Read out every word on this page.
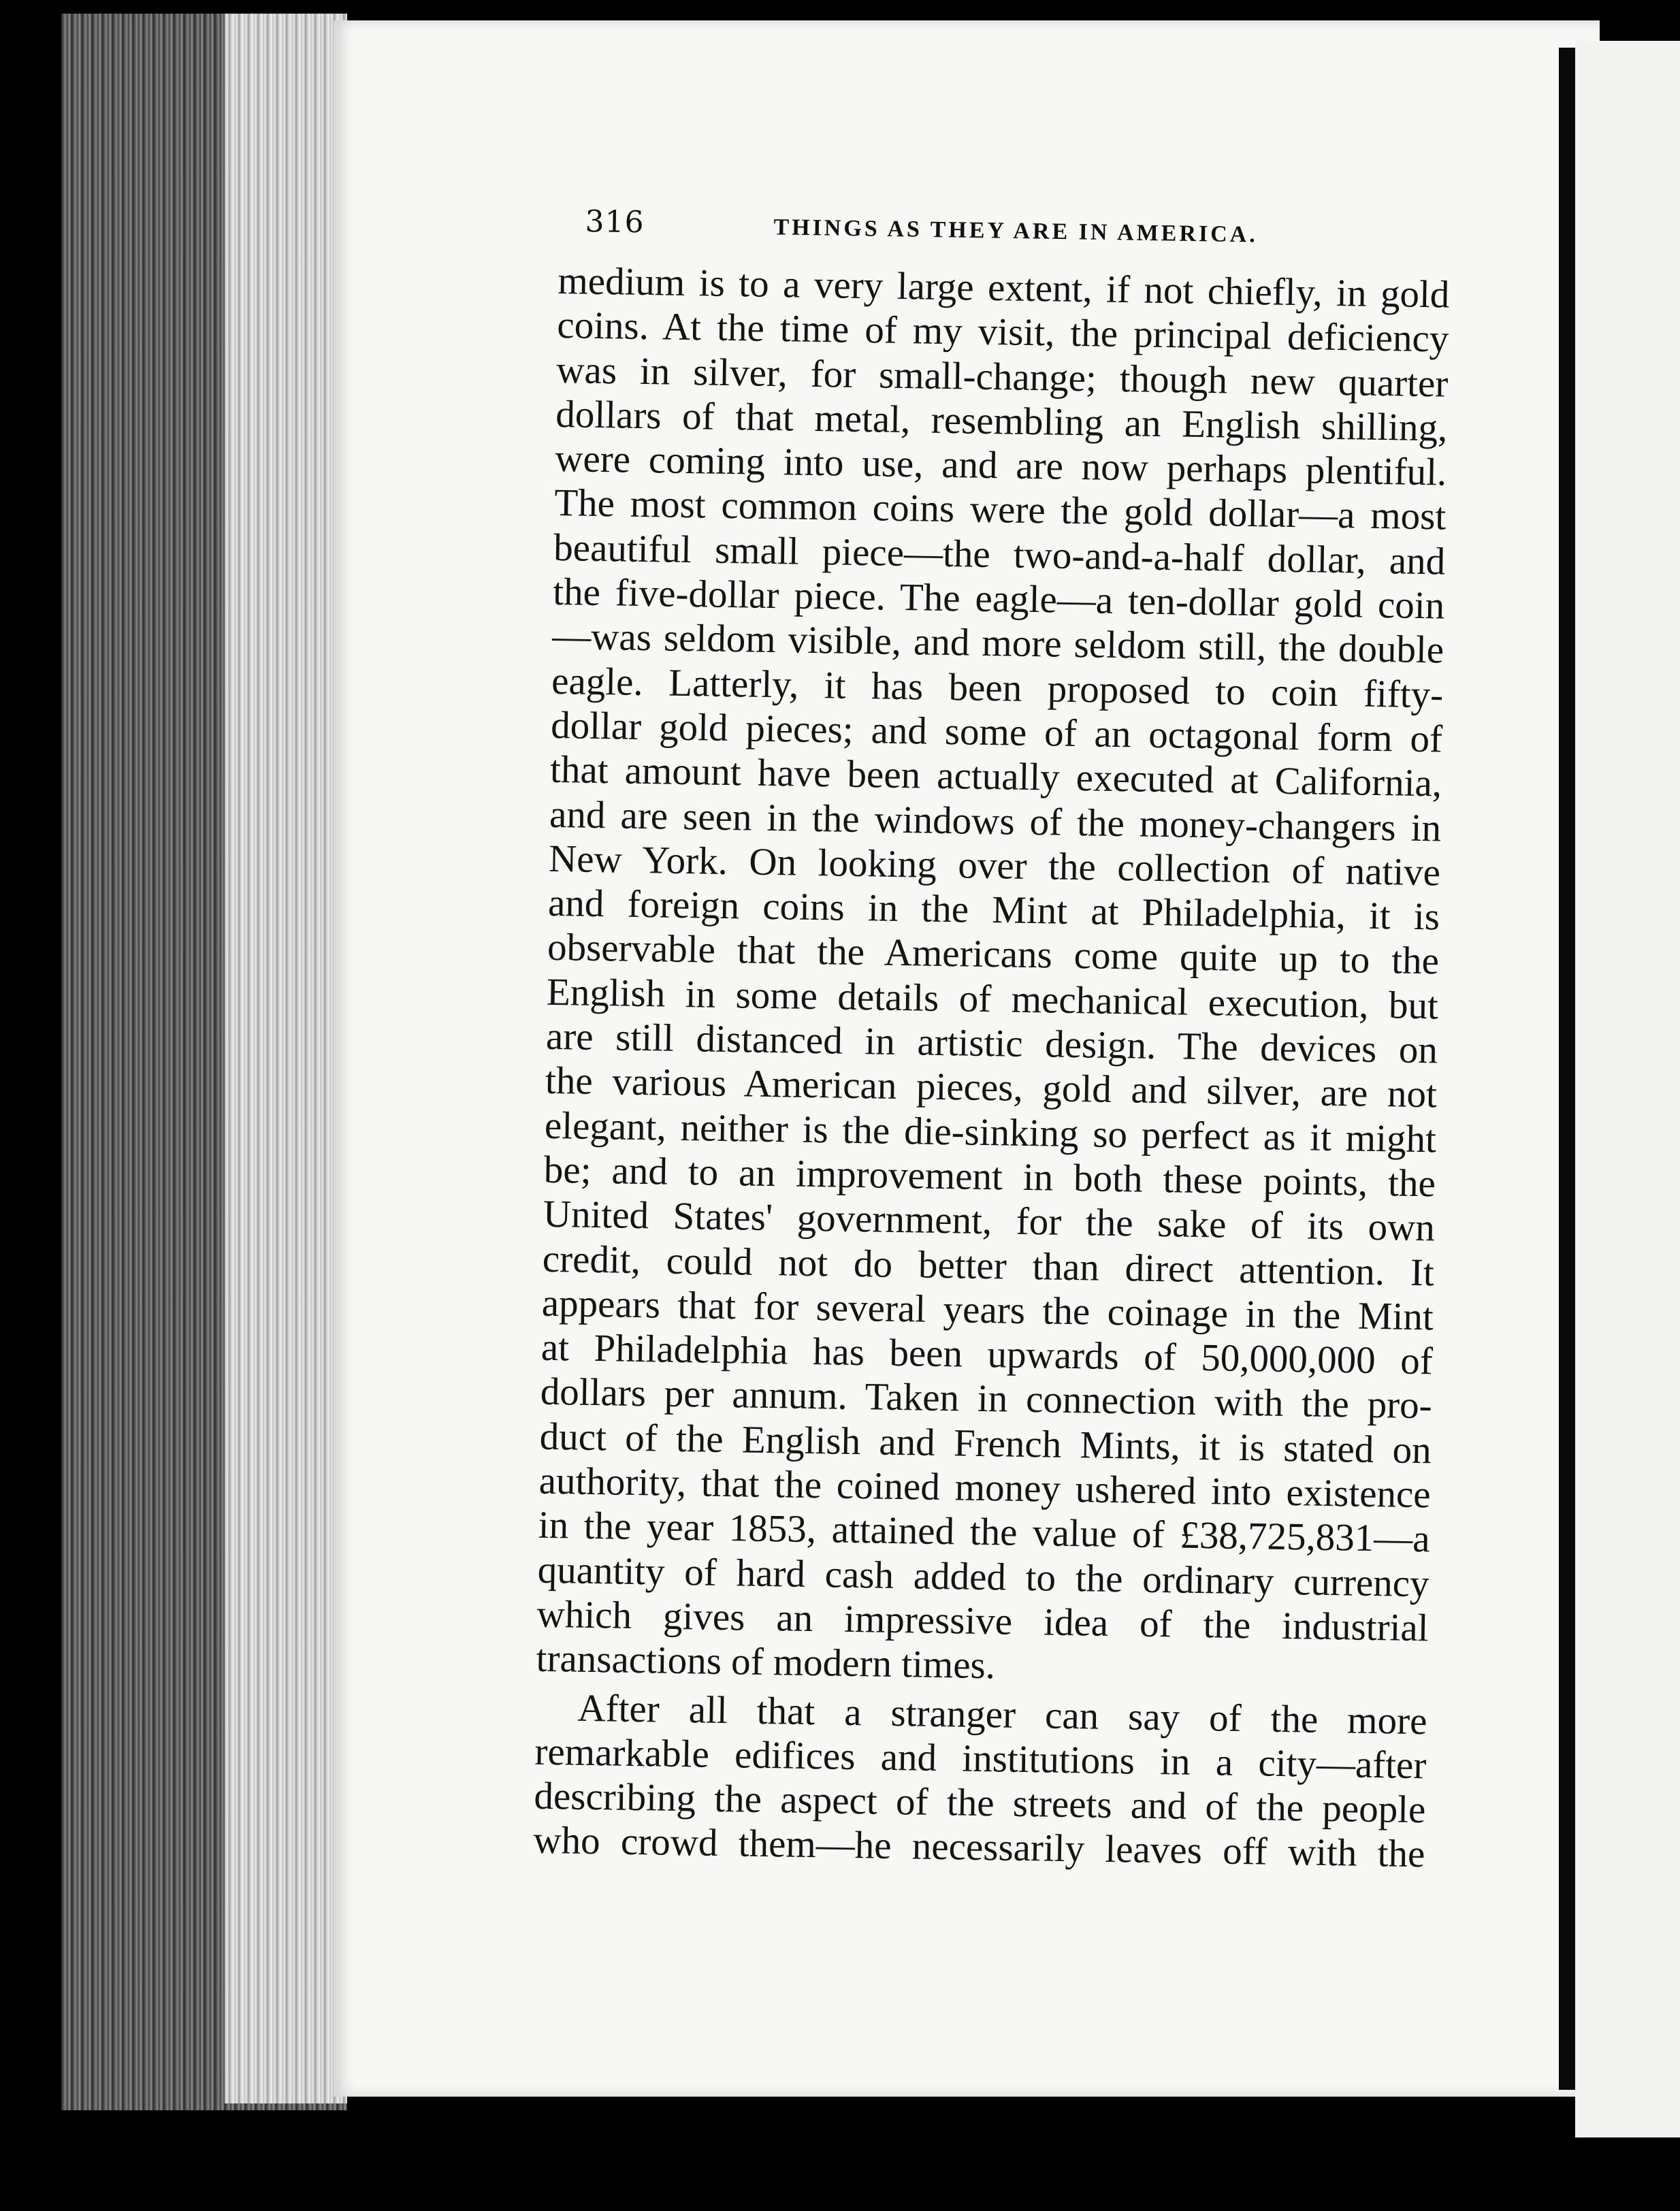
316	THINGS AS THEY ARE IN AMERICA.

medium is to a very large extent, if not chiefly, in gold

coins. At the time of my visit, the principal deficiency

was in silver, for small-change; though new quarter

dollars of that metal, resembling an English shilling,

were coming into use, and are now perhaps plentiful.

The most common coins were the gold dollar—a most

beautiful small piece—the two-and-a-half dollar, and

the five-dollar piece. The eagle—a ten-dollar gold coin

—was seldom visible, and more seldom still, the double

eagle. Latterly, it has been proposed to coin fifty-

dollar gold pieces; and some of an octagonal form of

that amount have been actually executed at California,

and are seen in the windows of the money-changers in

New York. On looking over the collection of native

and foreign coins in the Mint at Philadelphia, it is

observable that the Americans come quite up to the

English in some details of mechanical execution, but

are still distanced in artistic design. The devices on

the various American pieces, gold and silver, are not

elegant, neither is the die-sinking so perfect as it might

be; and to an improvement in both these points, the

United States' government, for the sake of its own

credit, could not do better than direct attention. It

appears that for several years the coinage in the Mint

at Philadelphia has been upwards of 50,000,000 of

dollars per annum. Taken in connection with the pro-

duct of the English and French Mints, it is stated on

authority, that the coined money ushered into existence

in the year 1853, attained the value of £38,725,831—a

quantity of hard cash added to the ordinary currency

which gives an impressive idea of the industrial

transactions of modern times.

After all that a stranger can say of the more

remarkable edifices and institutions in a city—after

describing the aspect of the streets and of the people

who crowd them—he necessarily leaves off with the
